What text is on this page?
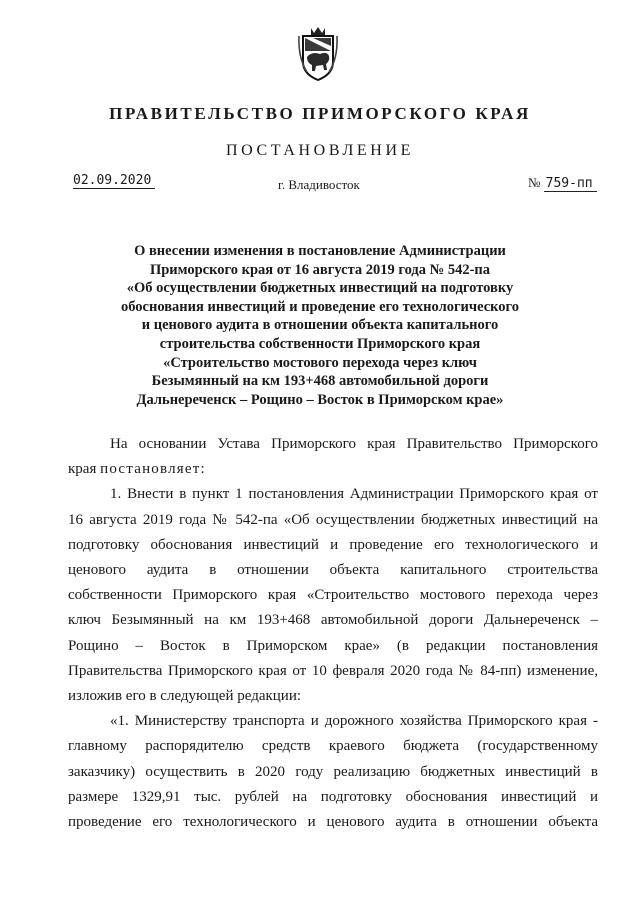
ПРАВИТЕЛЬСТВО ПРИМОРСКОГО КРАЯ
ПОСТАНОВЛЕНИЕ
02.09.2020	г. Владивосток	№ 759-пп
О внесении изменения в постановление Администрации
Приморского края от 16 августа 2019 года № 542-па
«Об осуществлении бюджетных инвестиций на подготовку
обоснования инвестиций и проведение его технологического
и ценового аудита в отношении объекта капитального
строительства собственности Приморского края
«Строительство мостового перехода через ключ
Безымянный на км 193+468 автомобильной дороги
Дальнереченск – Рощино – Восток в Приморском крае»
На основании Устава Приморского края Правительство Приморского
края постановляет:
1. Внести в пункт 1 постановления Администрации Приморского края от
16 августа 2019 года № 542-па «Об осуществлении бюджетных инвестиций на
подготовку обоснования инвестиций и проведение его технологического и
ценового аудита в отношении объекта капитального строительства
собственности Приморского края «Строительство мостового перехода через
ключ Безымянный на км 193+468 автомобильной дороги Дальнереченск –
Рощино – Восток в Приморском крае» (в редакции постановления
Правительства Приморского края от 10 февраля 2020 года № 84-пп) изменение,
изложив его в следующей редакции:
«1. Министерству транспорта и дорожного хозяйства Приморского края -
главному распорядителю средств краевого бюджета (государственному
заказчику) осуществить в 2020 году реализацию бюджетных инвестиций в
размере 1329,91 тыс. рублей на подготовку обоснования инвестиций и
проведение его технологического и ценового аудита в отношении объекта
